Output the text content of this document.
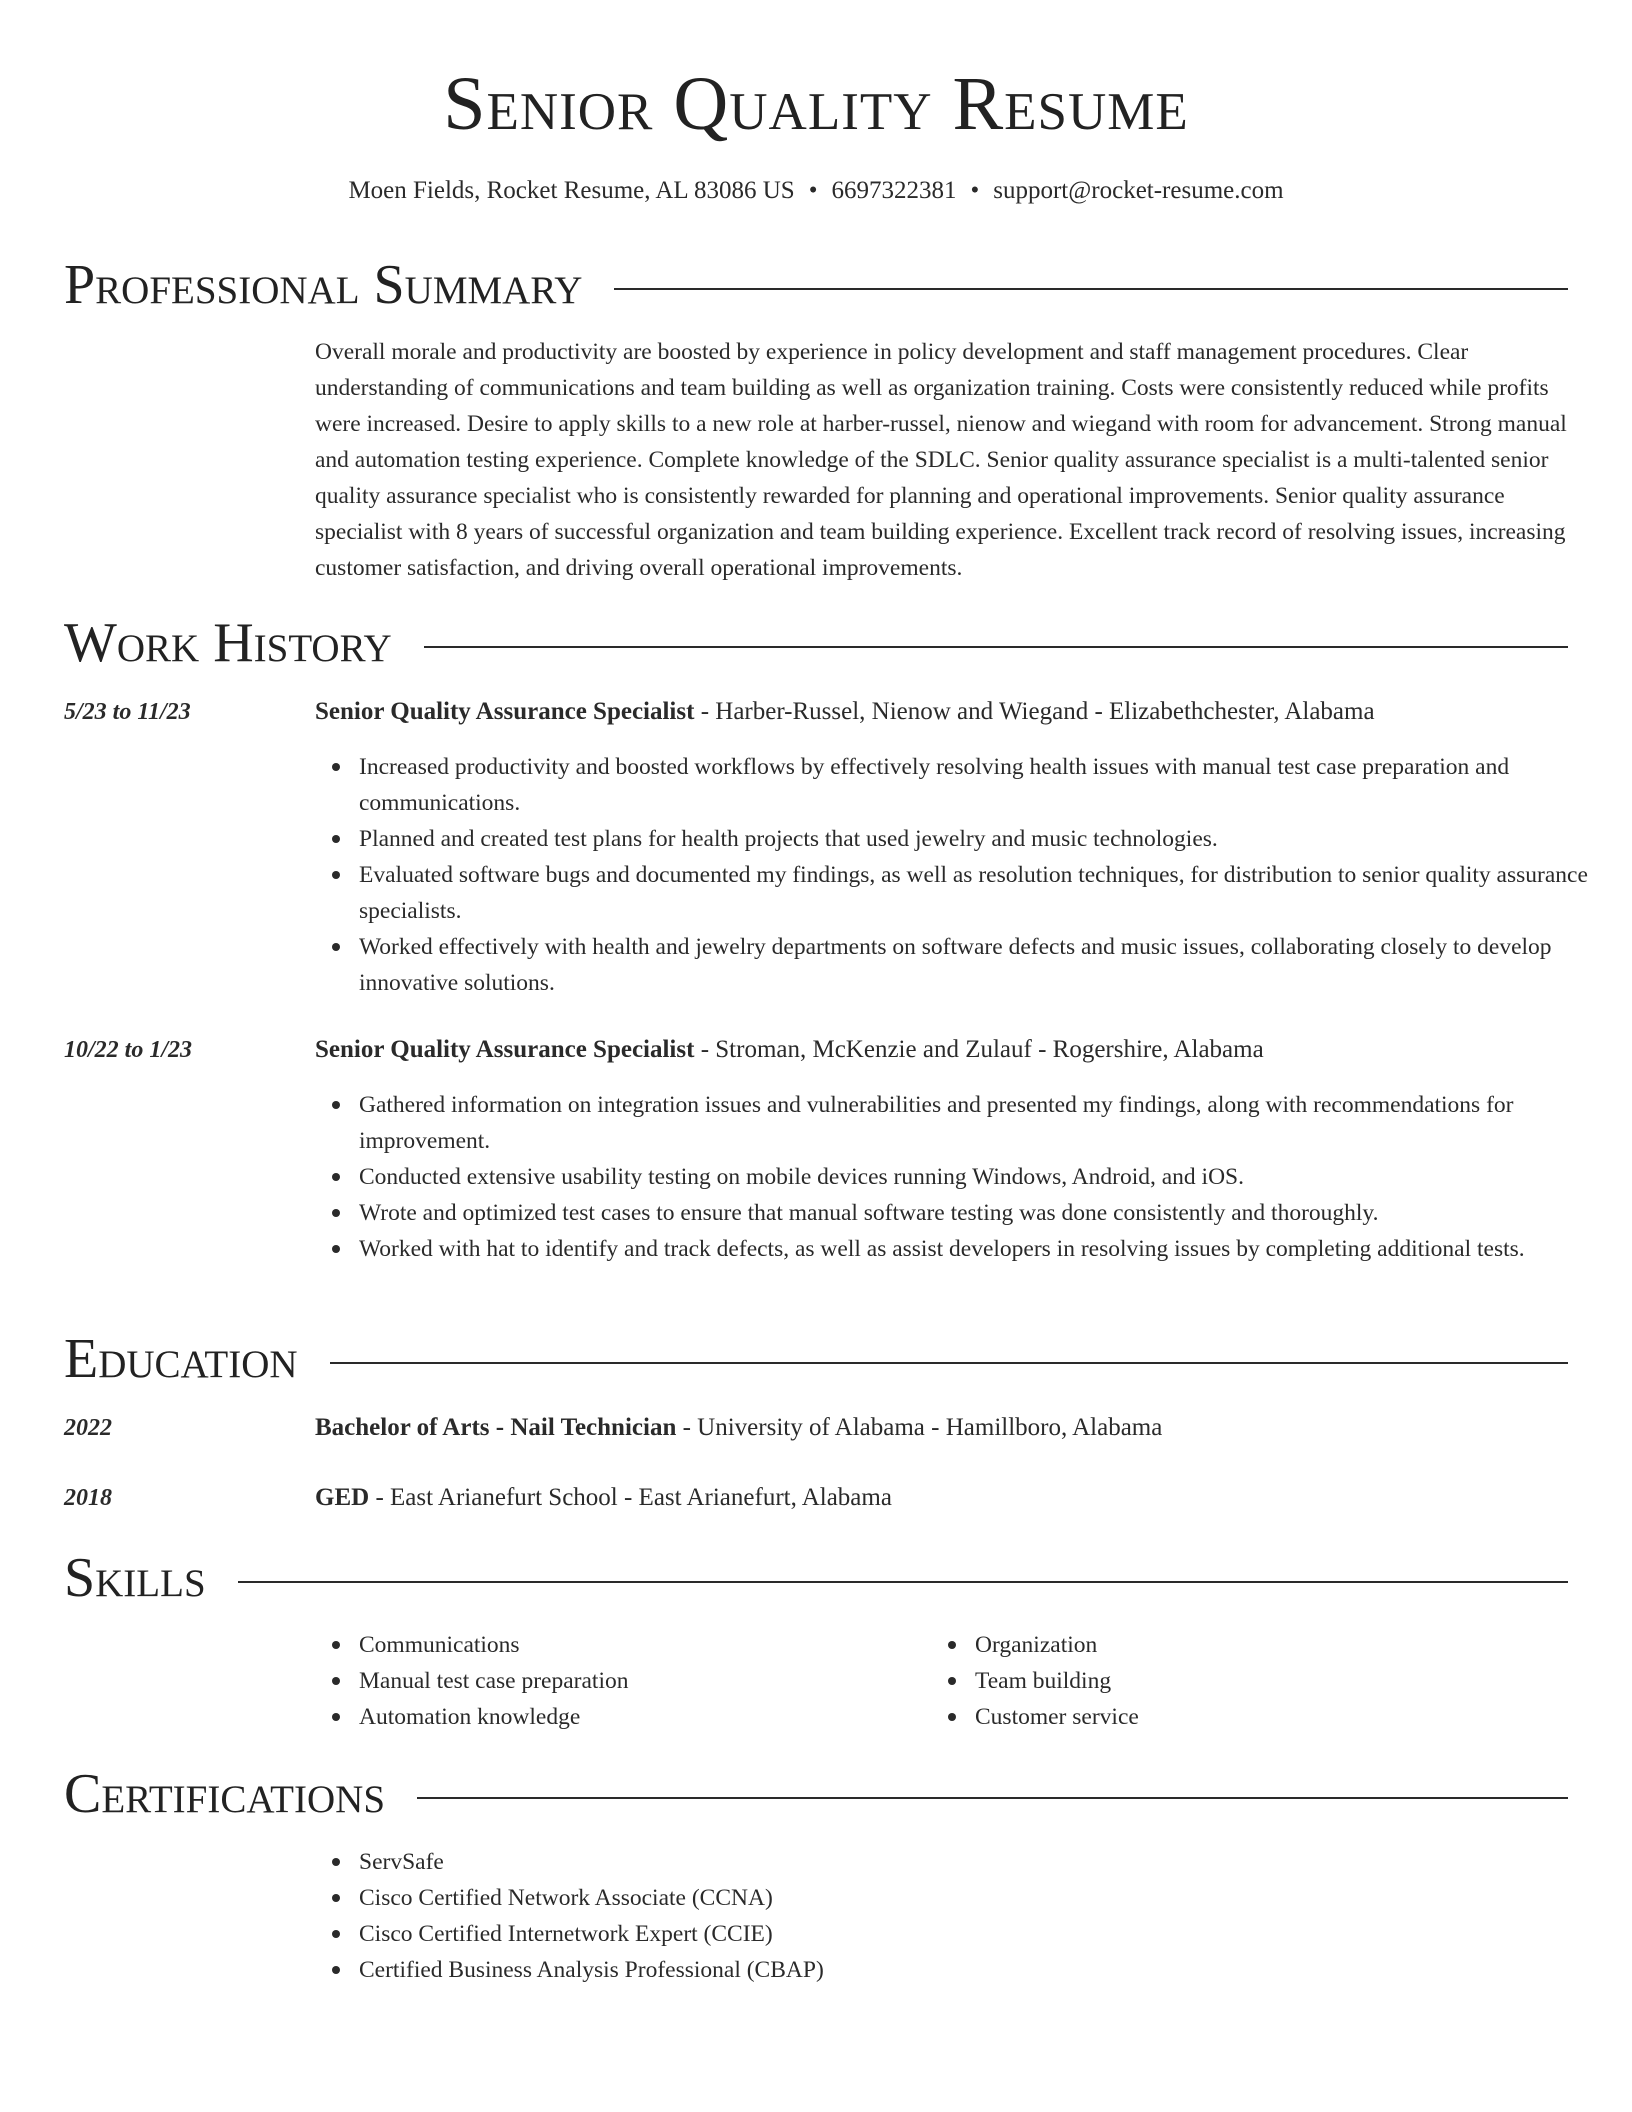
Senior Quality Resume
Moen Fields, Rocket Resume, AL 83086 US • 6697322381 • support@rocket-resume.com
Professional Summary
Overall morale and productivity are boosted by experience in policy development and staff management procedures. Clear understanding of communications and team building as well as organization training. Costs were consistently reduced while profits were increased. Desire to apply skills to a new role at harber-russel, nienow and wiegand with room for advancement. Strong manual and automation testing experience. Complete knowledge of the SDLC. Senior quality assurance specialist is a multi-talented senior quality assurance specialist who is consistently rewarded for planning and operational improvements. Senior quality assurance specialist with 8 years of successful organization and team building experience. Excellent track record of resolving issues, increasing customer satisfaction, and driving overall operational improvements.
Work History
5/23 to 11/23	Senior Quality Assurance Specialist - Harber-Russel, Nienow and Wiegand - Elizabethchester, Alabama
Increased productivity and boosted workflows by effectively resolving health issues with manual test case preparation and communications.
Planned and created test plans for health projects that used jewelry and music technologies.
Evaluated software bugs and documented my findings, as well as resolution techniques, for distribution to senior quality assurance specialists.
Worked effectively with health and jewelry departments on software defects and music issues, collaborating closely to develop innovative solutions.
10/22 to 1/23	Senior Quality Assurance Specialist - Stroman, McKenzie and Zulauf - Rogershire, Alabama
Gathered information on integration issues and vulnerabilities and presented my findings, along with recommendations for improvement.
Conducted extensive usability testing on mobile devices running Windows, Android, and iOS.
Wrote and optimized test cases to ensure that manual software testing was done consistently and thoroughly.
Worked with hat to identify and track defects, as well as assist developers in resolving issues by completing additional tests.
Education
2022	Bachelor of Arts - Nail Technician - University of Alabama - Hamillboro, Alabama
2018	GED - East Arianefurt School - East Arianefurt, Alabama
Skills
Communications
Manual test case preparation
Automation knowledge
Organization
Team building
Customer service
Certifications
ServSafe
Cisco Certified Network Associate (CCNA)
Cisco Certified Internetwork Expert (CCIE)
Certified Business Analysis Professional (CBAP)
